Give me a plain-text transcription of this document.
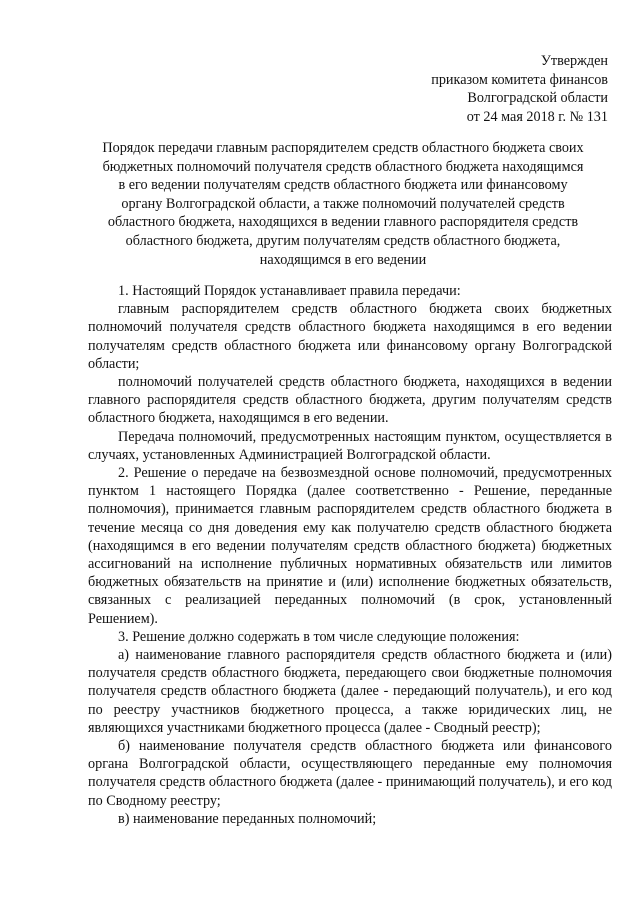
Утвержден
приказом комитета финансов
Волгоградской области
от 24 мая 2018 г. № 131
Порядок передачи главным распорядителем средств областного бюджета своих
бюджетных полномочий получателя средств областного бюджета находящимся
в его ведении получателям средств областного бюджета или финансовому
органу Волгоградской области, а также полномочий получателей средств
областного бюджета, находящихся в ведении главного распорядителя средств
областного бюджета, другим получателям средств областного бюджета,
находящимся в его ведении

1. Настоящий Порядок устанавливает правила передачи:

главным распорядителем средств областного бюджета своих бюджетных полномочий получателя средств областного бюджета находящимся в его ведении получателям средств областного бюджета или финансовому органу Волгоградской области;

полномочий получателей средств областного бюджета, находящихся в ведении главного распорядителя средств областного бюджета, другим получателям средств областного бюджета, находящимся в его ведении.

Передача полномочий, предусмотренных настоящим пунктом, осуществляется в случаях, установленных Администрацией Волгоградской области.

2. Решение о передаче на безвозмездной основе полномочий, предусмотренных пунктом 1 настоящего Порядка (далее соответственно - Решение, переданные полномочия), принимается главным распорядителем средств областного бюджета в течение месяца со дня доведения ему как получателю средств областного бюджета (находящимся в его ведении получателям средств областного бюджета) бюджетных ассигнований на исполнение публичных нормативных обязательств или лимитов бюджетных обязательств на принятие и (или) исполнение бюджетных обязательств, связанных с реализацией переданных полномочий (в срок, установленный Решением).

3. Решение должно содержать в том числе следующие положения:

а) наименование главного распорядителя средств областного бюджета и (или) получателя средств областного бюджета, передающего свои бюджетные полномочия получателя средств областного бюджета (далее - передающий получатель), и его код по реестру участников бюджетного процесса, а также юридических лиц, не являющихся участниками бюджетного процесса (далее - Сводный реестр);

б) наименование получателя средств областного бюджета или финансового органа Волгоградской области, осуществляющего переданные ему полномочия получателя средств областного бюджета (далее - принимающий получатель), и его код по Сводному реестру;

в) наименование переданных полномочий;
